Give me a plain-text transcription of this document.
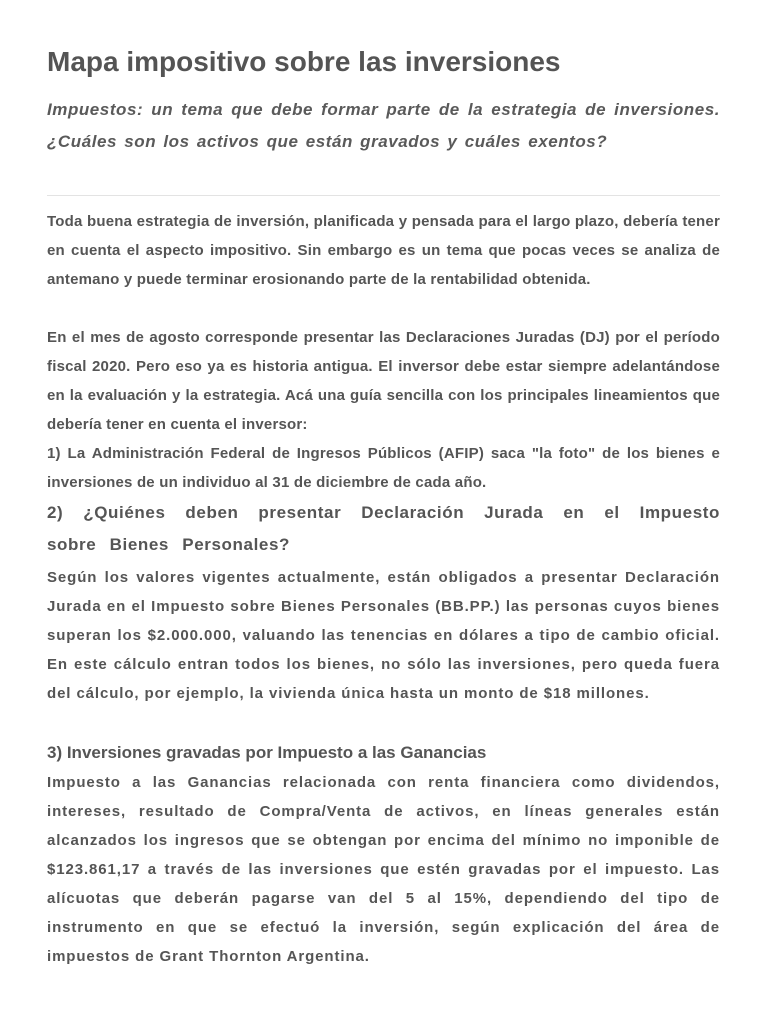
Mapa impositivo sobre las inversiones

Impuestos: un tema que debe formar parte de la estrategia de inversiones. ¿Cuáles son los activos que están gravados y cuáles exentos?

Toda buena estrategia de inversión, planificada y pensada para el largo plazo, debería tener en cuenta el aspecto impositivo. Sin embargo es un tema que pocas veces se analiza de antemano y puede terminar erosionando parte de la rentabilidad obtenida.

En el mes de agosto corresponde presentar las Declaraciones Juradas (DJ) por el período fiscal 2020. Pero eso ya es historia antigua. El inversor debe estar siempre adelantándose en la evaluación y la estrategia. Acá una guía sencilla con los principales lineamientos que debería tener en cuenta el inversor:

1) La Administración Federal de Ingresos Públicos (AFIP) saca "la foto" de los bienes e inversiones de un individuo al 31 de diciembre de cada año.

2) ¿Quiénes deben presentar Declaración Jurada en el Impuesto sobre Bienes Personales?

Según los valores vigentes actualmente, están obligados a presentar Declaración Jurada en el Impuesto sobre Bienes Personales (BB.PP.) las personas cuyos bienes superan los $2.000.000, valuando las tenencias en dólares a tipo de cambio oficial. En este cálculo entran todos los bienes, no sólo las inversiones, pero queda fuera del cálculo, por ejemplo, la vivienda única hasta un monto de $18 millones.

3) Inversiones gravadas por Impuesto a las Ganancias

Impuesto a las Ganancias relacionada con renta financiera como dividendos, intereses, resultado de Compra/Venta de activos, en líneas generales están alcanzados los ingresos que se obtengan por encima del mínimo no imponible de $123.861,17 a través de las inversiones que estén gravadas por el impuesto. Las alícuotas que deberán pagarse van del 5 al 15%, dependiendo del tipo de instrumento en que se efectuó la inversión, según explicación del área de impuestos de Grant Thornton Argentina.
